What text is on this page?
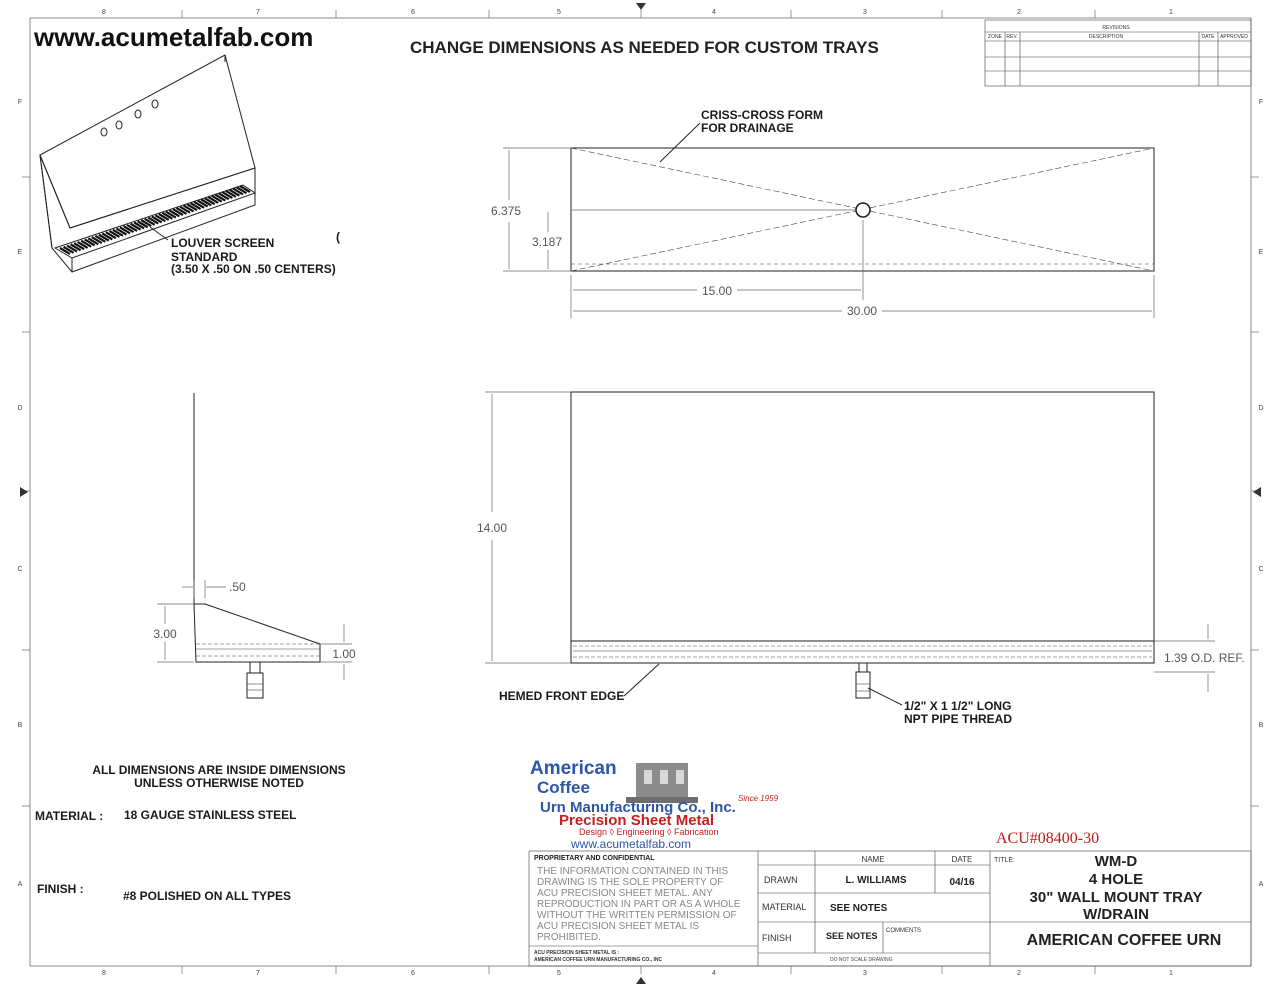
8
8
7
7
6
6
5
5
4
4
3
3
2
2
1
1
F	F
E	E
D	D
C	C
B	B
A	A
www.acumetalfab.com	CHANGE DIMENSIONS AS NEEDED FOR CUSTOM TRAYS
REVISIONS
ZONE REV.	DESCRIPTION	DATE APPROVED
LOUVER SCREEN
STANDARD
(3.50 X .50 ON .50 CENTERS)
(
CRISS-CROSS FORM
FOR DRAINAGE
6.375
3.187
15.00
30.00
.50
3.00
1.00
14.00
1.39 O.D. REF.
HEMED FRONT EDGE
1/2" X 1 1/2" LONG
NPT PIPE THREAD
ALL DIMENSIONS ARE INSIDE DIMENSIONS
UNLESS OTHERWISE NOTED
MATERIAL : 18 GAUGE STAINLESS STEEL
FINISH :	#8 POLISHED ON ALL TYPES
American
Coffee
Urn Manufacturing Co., Inc.
Since 1959
Precision Sheet Metal
Design ◊ Engineering ◊ Fabrication
www.acumetalfab.com	ACU#08400-30
PROPRIETARY AND CONFIDENTIAL
THE INFORMATION CONTAINED IN THIS
DRAWING IS THE SOLE PROPERTY OF
ACU PRECISION SHEET METAL. ANY
REPRODUCTION IN PART OR AS A WHOLE
WITHOUT THE WRITTEN PERMISSION OF
ACU PRECISION SHEET METAL IS
PROHIBITED.
ACU PRECISION SHEET METAL IS :
AMERICAN COFFEE URN MANUFACTURING CO., INC
NAME	DATE
DRAWN	L. WILLIAMS	04/16
MATERIAL SEE NOTES
FINISH	SEE NOTES COMMENTS
DO NOT SCALE DRAWING
TITLE:	WM-D
4 HOLE
30" WALL MOUNT TRAY
W/DRAIN
AMERICAN COFFEE URN
